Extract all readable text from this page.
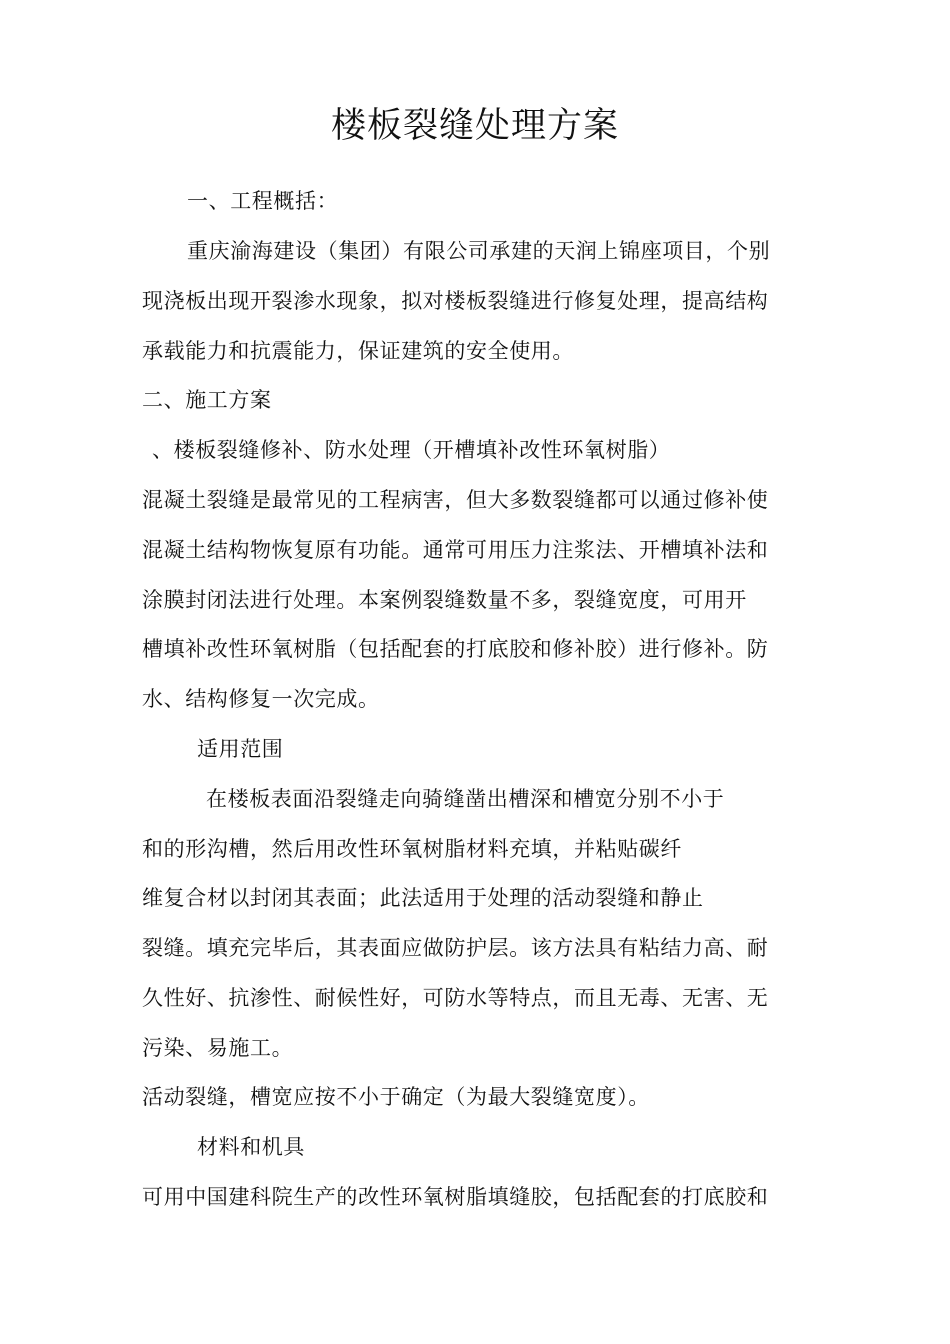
楼板裂缝处理方案
一、工程概括：
重庆渝海建设（集团）有限公司承建的天润上锦座项目，个别
现浇板出现开裂渗水现象，拟对楼板裂缝进行修复处理，提高结构
承载能力和抗震能力，保证建筑的安全使用。
二、施工方案
、楼板裂缝修补、防水处理（开槽填补改性环氧树脂）
混凝土裂缝是最常见的工程病害，但大多数裂缝都可以通过修补使
混凝土结构物恢复原有功能。通常可用压力注浆法、开槽填补法和
涂膜封闭法进行处理。本案例裂缝数量不多，裂缝宽度，可用开
槽填补改性环氧树脂（包括配套的打底胶和修补胶）进行修补。防
水、结构修复一次完成。
适用范围
在楼板表面沿裂缝走向骑缝凿出槽深和槽宽分别不小于
和的形沟槽，然后用改性环氧树脂材料充填，并粘贴碳纤
维复合材以封闭其表面；此法适用于处理的活动裂缝和静止
裂缝。填充完毕后，其表面应做防护层。该方法具有粘结力高、耐
久性好、抗渗性、耐候性好，可防水等特点，而且无毒、无害、无
污染、易施工。
活动裂缝，槽宽应按不小于确定（为最大裂缝宽度）。
材料和机具
可用中国建科院生产的改性环氧树脂填缝胶，包括配套的打底胶和
